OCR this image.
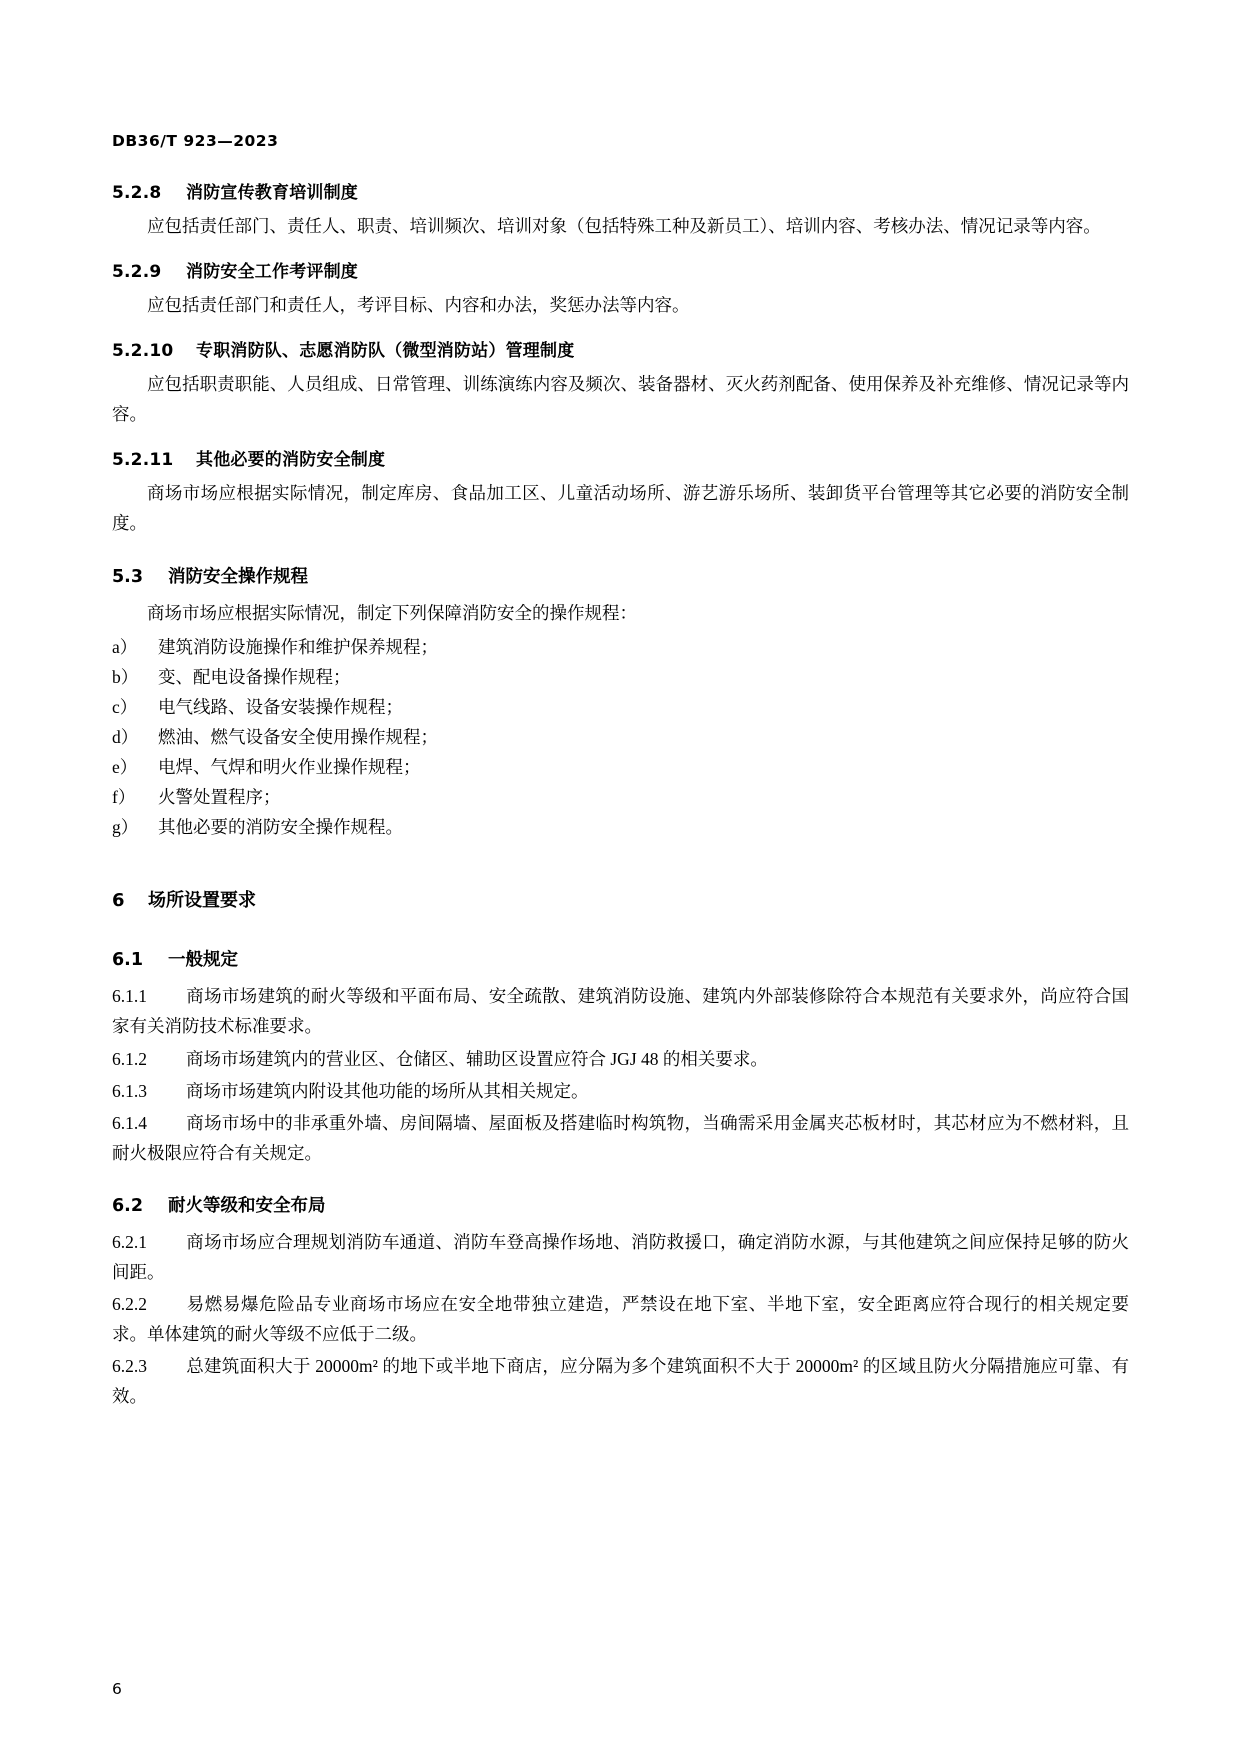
DB36/T 923—2023
5.2.8 消防宣传教育培训制度
应包括责任部门、责任人、职责、培训频次、培训对象（包括特殊工种及新员工）、培训内容、考核办法、情况记录等内容。
5.2.9 消防安全工作考评制度
应包括责任部门和责任人，考评目标、内容和办法，奖惩办法等内容。
5.2.10 专职消防队、志愿消防队（微型消防站）管理制度
应包括职责职能、人员组成、日常管理、训练演练内容及频次、装备器材、灭火药剂配备、使用保养及补充维修、情况记录等内容。
5.2.11 其他必要的消防安全制度
商场市场应根据实际情况，制定库房、食品加工区、儿童活动场所、游艺游乐场所、装卸货平台管理等其它必要的消防安全制度。
5.3 消防安全操作规程
商场市场应根据实际情况，制定下列保障消防安全的操作规程：
a）	建筑消防设施操作和维护保养规程；
b）	变、配电设备操作规程；
c）	电气线路、设备安装操作规程；
d）	燃油、燃气设备安全使用操作规程；
e）	电焊、气焊和明火作业操作规程；
f）	火警处置程序；
g）	其他必要的消防安全操作规程。
6 场所设置要求
6.1 一般规定
6.1.1 商场市场建筑的耐火等级和平面布局、安全疏散、建筑消防设施、建筑内外部装修除符合本规范有关要求外，尚应符合国家有关消防技术标准要求。
6.1.2 商场市场建筑内的营业区、仓储区、辅助区设置应符合 JGJ 48 的相关要求。
6.1.3 商场市场建筑内附设其他功能的场所从其相关规定。
6.1.4 商场市场中的非承重外墙、房间隔墙、屋面板及搭建临时构筑物，当确需采用金属夹芯板材时，其芯材应为不燃材料，且耐火极限应符合有关规定。
6.2 耐火等级和安全布局
6.2.1 商场市场应合理规划消防车通道、消防车登高操作场地、消防救援口，确定消防水源，与其他建筑之间应保持足够的防火间距。
6.2.2 易燃易爆危险品专业商场市场应在安全地带独立建造，严禁设在地下室、半地下室，安全距离应符合现行的相关规定要求。单体建筑的耐火等级不应低于二级。
6.2.3 总建筑面积大于 20000m² 的地下或半地下商店，应分隔为多个建筑面积不大于 20000m² 的区域且防火分隔措施应可靠、有效。
6
